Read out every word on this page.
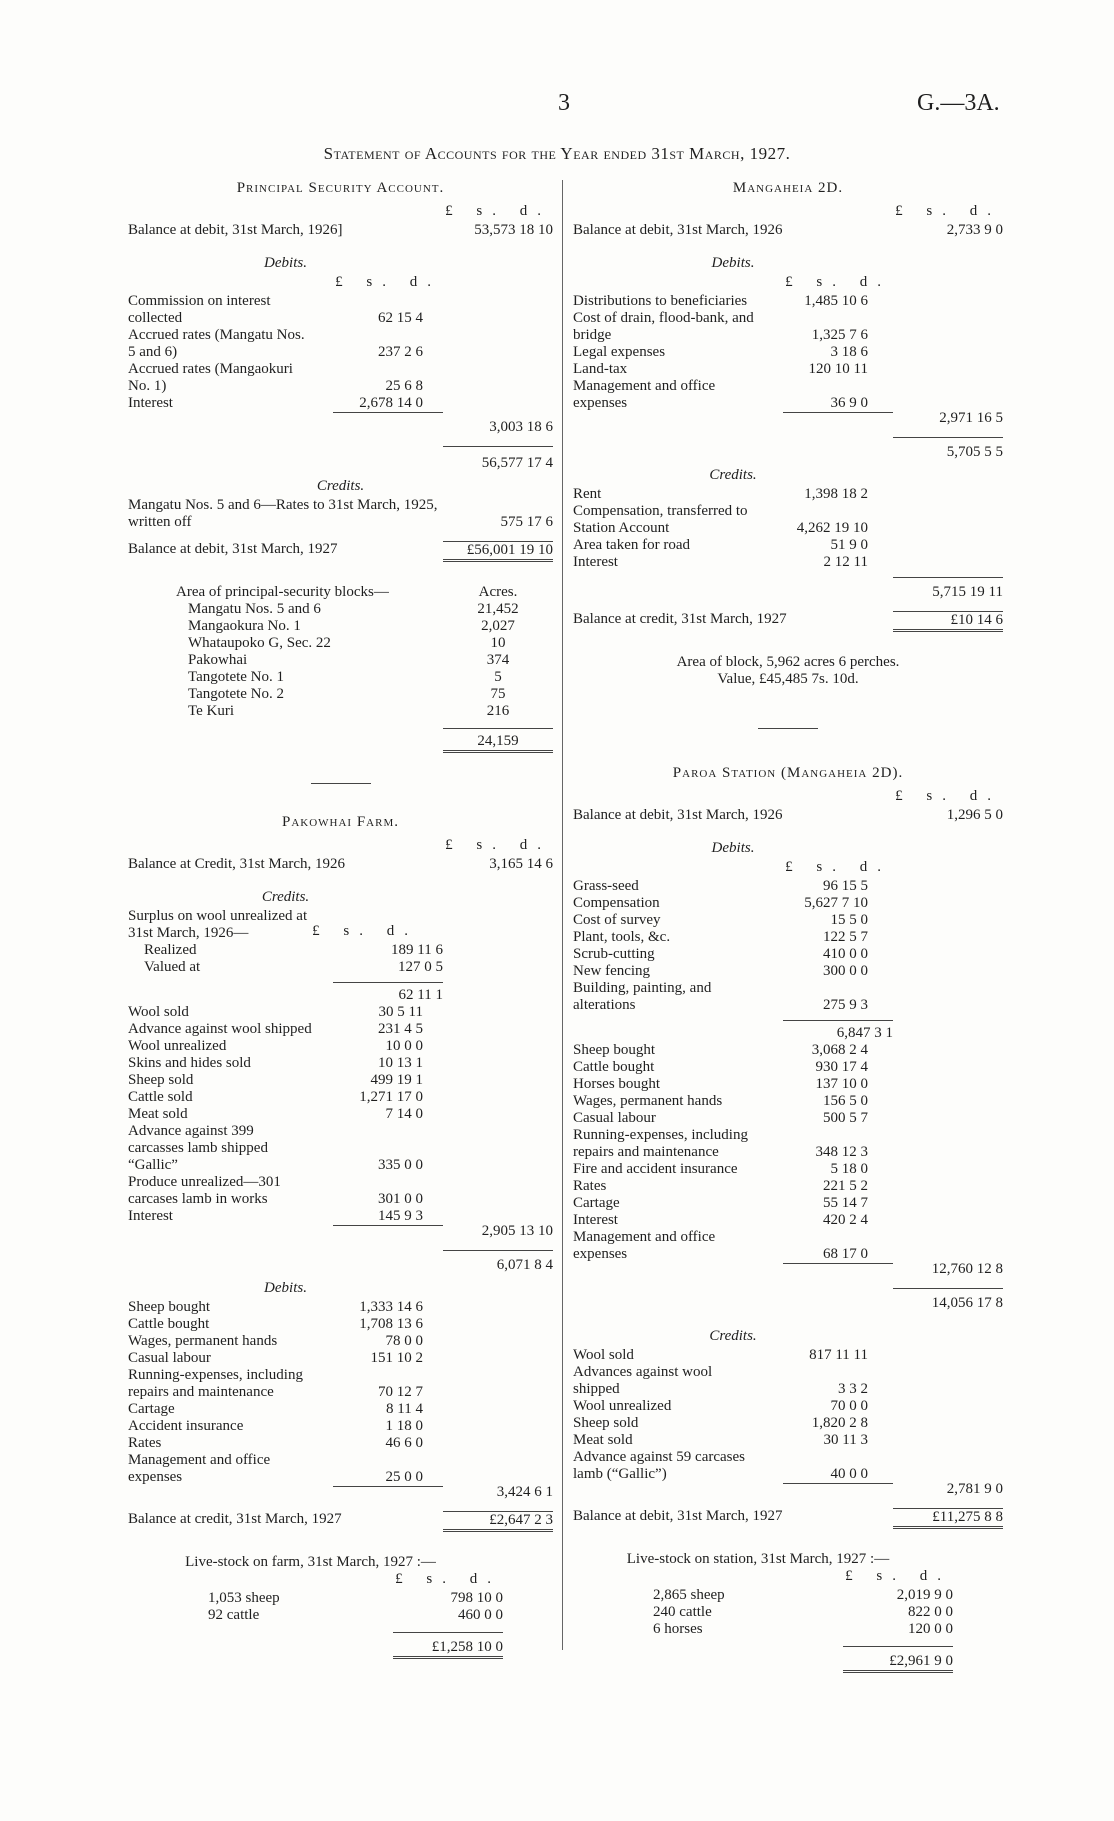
3	G.—3A.
Statement of Accounts for the Year ended 31st March, 1927.
Principal Security Account.
£ s. d.
Balance at debit, 31st March, 1926]	53,573 18 10
Debits.
£ s. d.
Commission on interest collected	62 15 4
Accrued rates (Mangatu Nos. 5 and 6)	237 2 6
Accrued rates (Mangaokuri No. 1)	25 6 8
Interest	2,678 14 0
3,003 18 6
56,577 17 4
Credits.
Mangatu Nos. 5 and 6—Rates to 31st March, 1925, written off	575 17 6
Balance at debit, 31st March, 1927	£56,001 19 10
Area of principal-security blocks—	Acres.
Mangatu Nos. 5 and 6	21,452
Mangaokura No. 1	2,027
Whataupoko G, Sec. 22	10
Pakowhai	374
Tangotete No. 1	5
Tangotete No. 2	75
Te Kuri	216
24,159
Pakowhai Farm.
£ s. d.
Balance at Credit, 31st March, 1926	3,165 14 6
Credits.
Surplus on wool unrealized at 31st March, 1926—	£ s. d.
Realized	189 11 6
Valued at	127 0 5
62 11 1
Wool sold	30 5 11
Advance against wool shipped	231 4 5
Wool unrealized	10 0 0
Skins and hides sold	10 13 1
Sheep sold	499 19 1
Cattle sold	1,271 17 0
Meat sold	7 14 0
Advance against 399 carcasses lamb shipped “Gallic”	335 0 0
Produce unrealized—301 carcases lamb in works	301 0 0
Interest	145 9 3
2,905 13 10
6,071 8 4
Debits.
Sheep bought	1,333 14 6
Cattle bought	1,708 13 6
Wages, permanent hands	78 0 0
Casual labour	151 10 2
Running-expenses, including repairs and maintenance	70 12 7
Cartage	8 11 4
Accident insurance	1 18 0
Rates	46 6 0
Management and office expenses	25 0 0
3,424 6 1
Balance at credit, 31st March, 1927	£2,647 2 3
Live-stock on farm, 31st March, 1927 :—
£ s. d.
1,053 sheep	798 10 0
92 cattle	460 0 0
£1,258 10 0
Mangaheia 2D.
£ s. d.
Balance at debit, 31st March, 1926	2,733 9 0
Debits.
£ s. d.
Distributions to beneficiaries	1,485 10 6
Cost of drain, flood-bank, and bridge	1,325 7 6
Legal expenses	3 18 6
Land-tax	120 10 11
Management and office expenses	36 9 0
2,971 16 5
5,705 5 5
Credits.
Rent	1,398 18 2
Compensation, transferred to Station Account	4,262 19 10
Area taken for road	51 9 0
Interest	2 12 11
5,715 19 11
Balance at credit, 31st March, 1927	£10 14 6
Area of block, 5,962 acres 6 perches.
Value, £45,485 7s. 10d.
Paroa Station (Mangaheia 2D).
£ s. d.
Balance at debit, 31st March, 1926	1,296 5 0
Debits.
£ s. d.
Grass-seed	96 15 5
Compensation	5,627 7 10
Cost of survey	15 5 0
Plant, tools, &c.	122 5 7
Scrub-cutting	410 0 0
New fencing	300 0 0
Building, painting, and alterations	275 9 3
6,847 3 1
Sheep bought	3,068 2 4
Cattle bought	930 17 4
Horses bought	137 10 0
Wages, permanent hands	156 5 0
Casual labour	500 5 7
Running-expenses, including repairs and maintenance	348 12 3
Fire and accident insurance	5 18 0
Rates	221 5 2
Cartage	55 14 7
Interest	420 2 4
Management and office expenses	68 17 0
12,760 12 8
14,056 17 8
Credits.
Wool sold	817 11 11
Advances against wool shipped	3 3 2
Wool unrealized	70 0 0
Sheep sold	1,820 2 8
Meat sold	30 11 3
Advance against 59 carcases lamb (“Gallic”)	40 0 0
2,781 9 0
Balance at debit, 31st March, 1927	£11,275 8 8
Live-stock on station, 31st March, 1927 :—
£ s. d.
2,865 sheep	2,019 9 0
240 cattle	822 0 0
6 horses	120 0 0
£2,961 9 0
